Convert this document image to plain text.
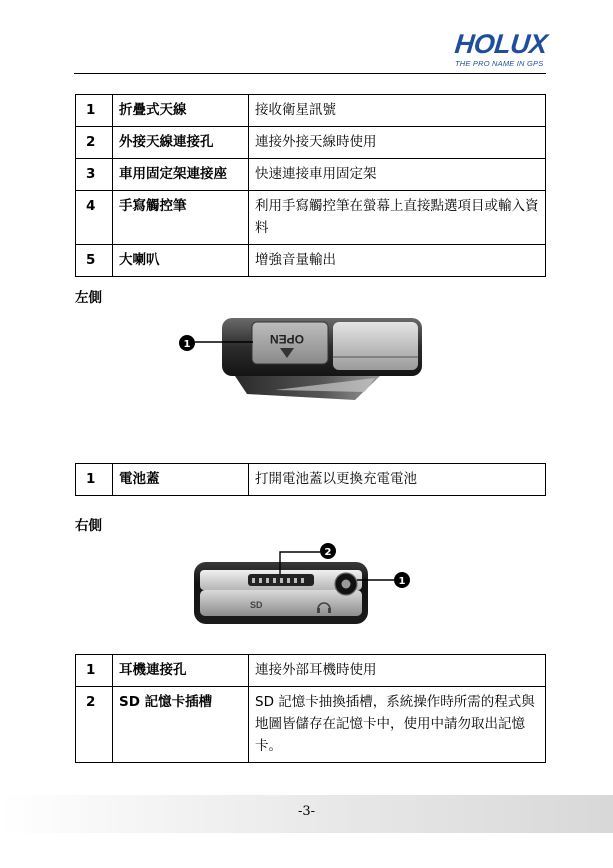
HOLUX
THE PRO NAME IN GPS
1	折疊式天線	接收衛星訊號
2	外接天線連接孔	連接外接天線時使用
3	車用固定架連接座	快速連接車用固定架
4	手寫觸控筆	利用手寫觸控筆在螢幕上直接點選項目或輸入資料
5	大喇叭	增強音量輸出
左側
OPEN
1
1	電池蓋	打開電池蓋以更換充電電池
右側
SD
2
1
1	耳機連接孔	連接外部耳機時使用
2	SD 記憶卡插槽	SD 記憶卡抽換插槽，系統操作時所需的程式與地圖皆儲存在記憶卡中，使用中請勿取出記憶卡。
-3-
